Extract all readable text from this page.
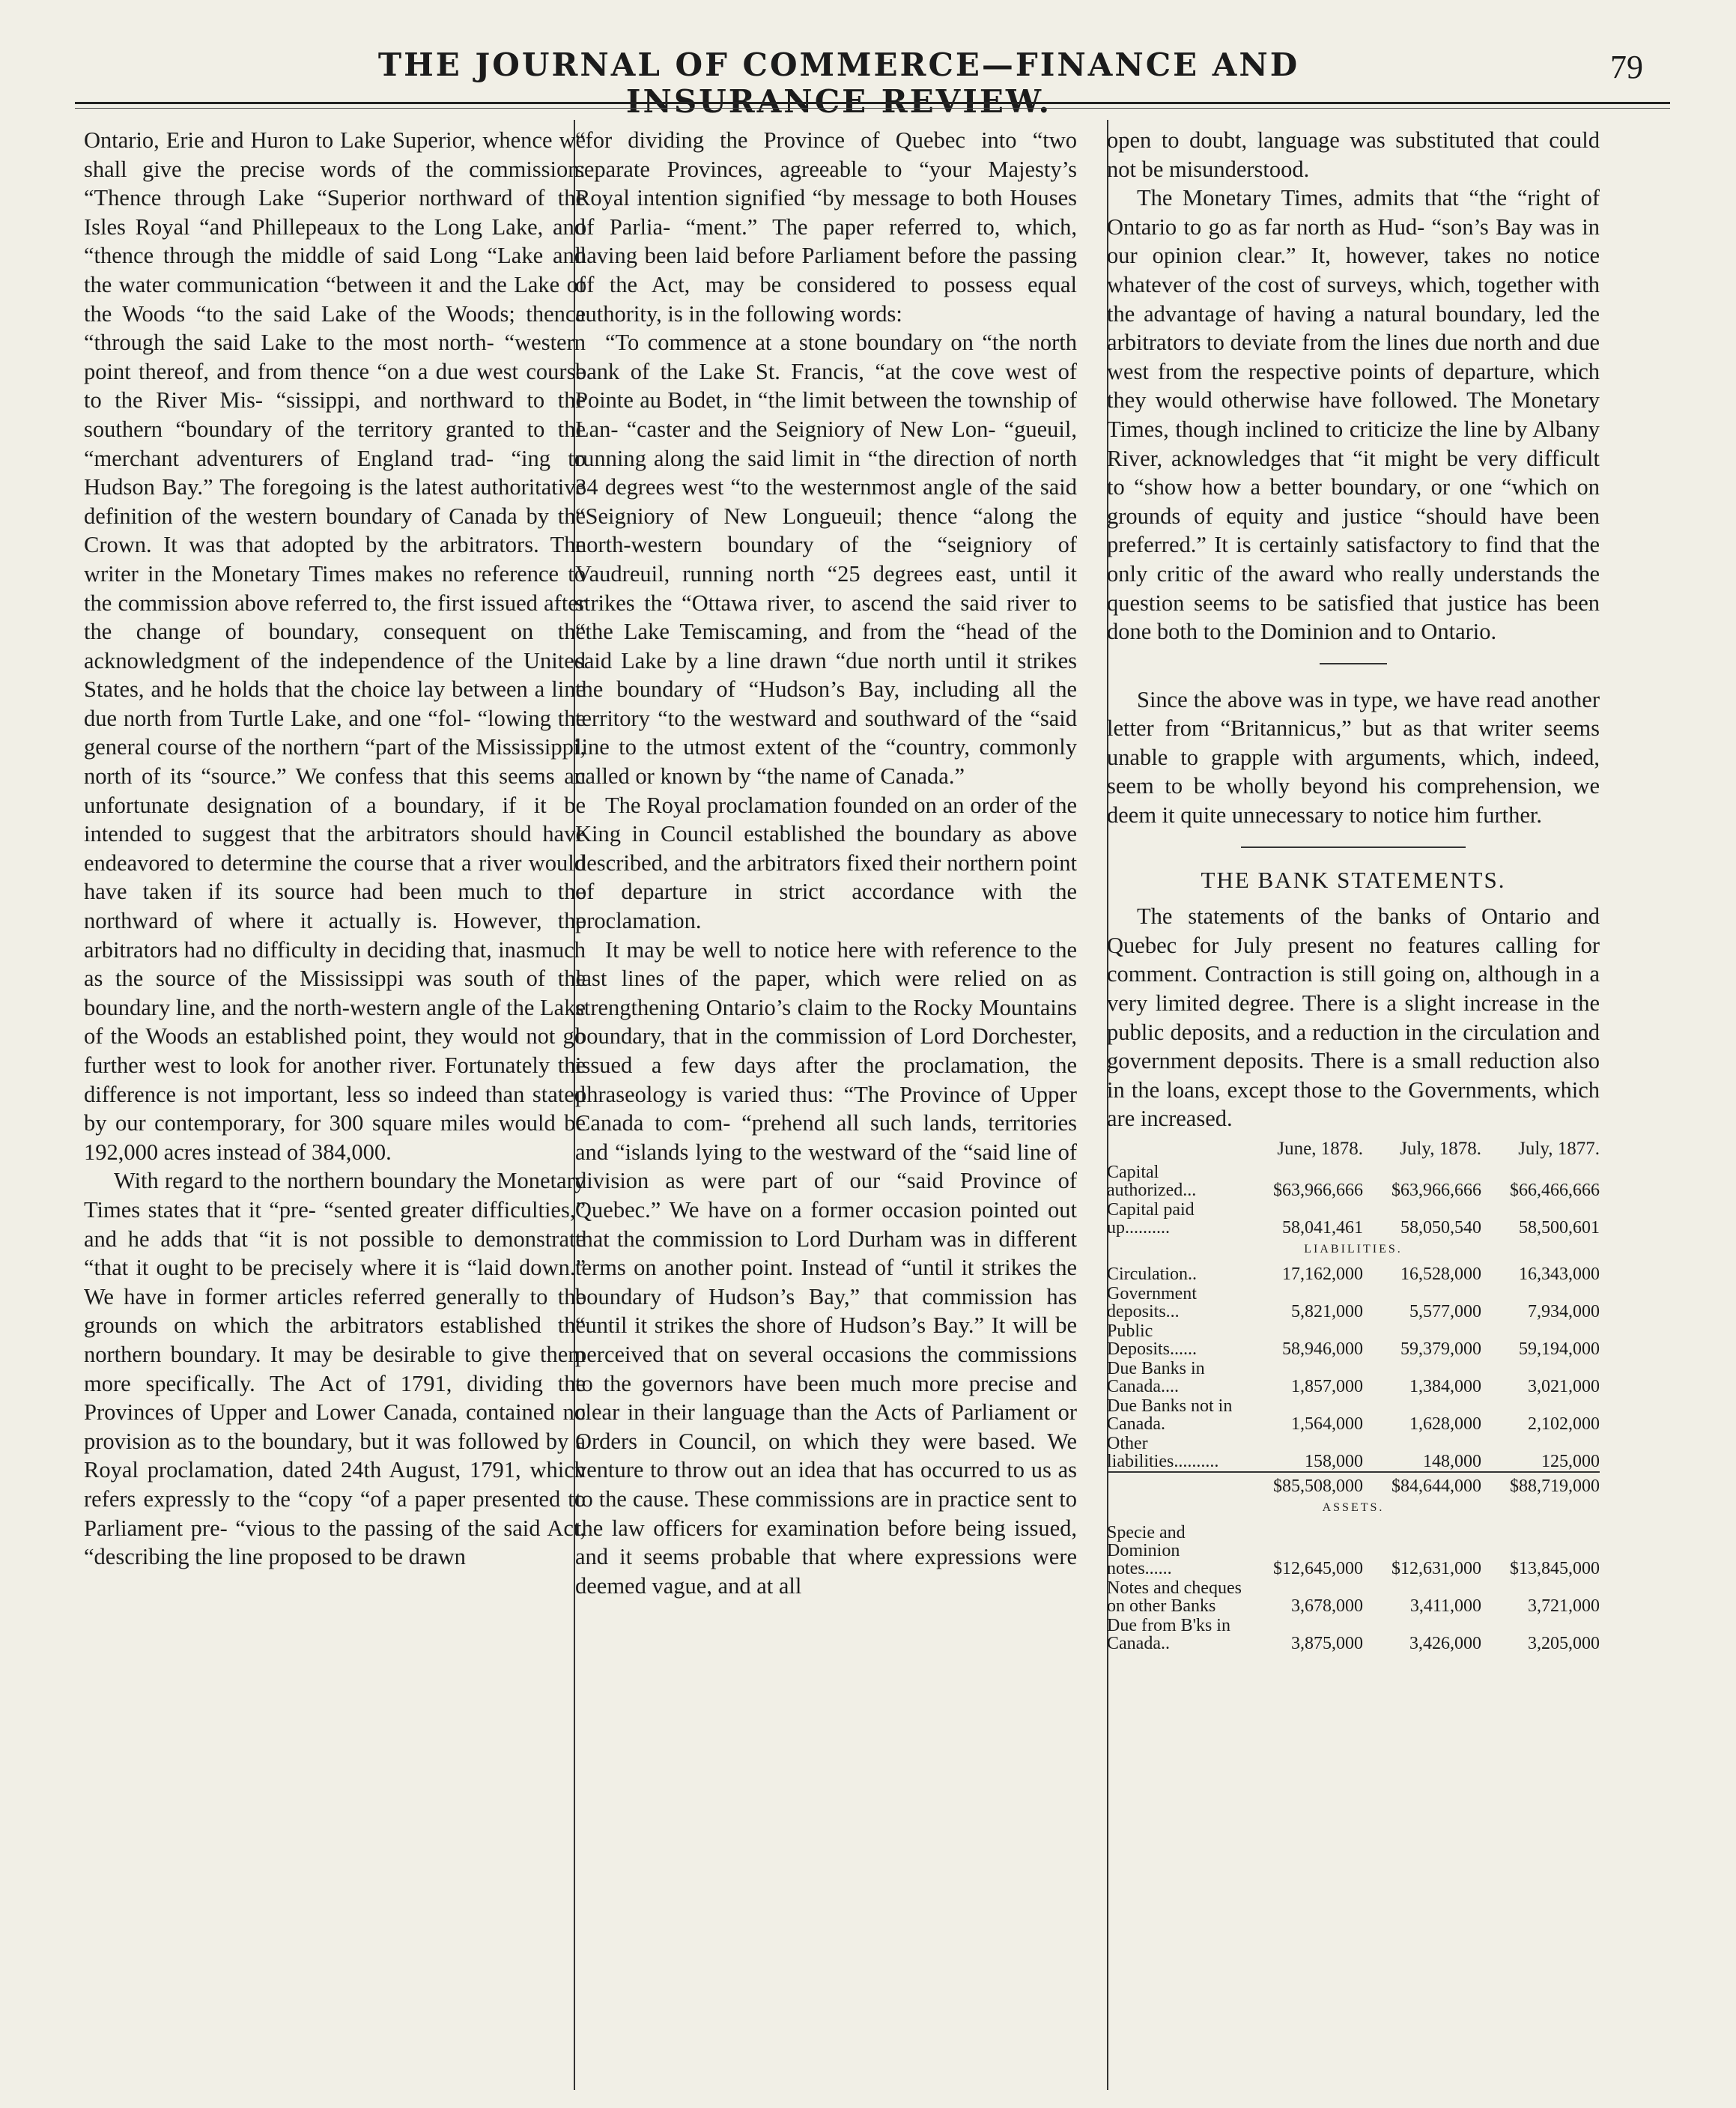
THE JOURNAL OF COMMERCE—FINANCE AND INSURANCE REVIEW.
79

Ontario, Erie and Huron to Lake Superior, whence we shall give the precise words of the commission: “Thence through Lake “Superior northward of the Isles Royal “and Phillepeaux to the Long Lake, and “thence through the middle of said Long “Lake and the water communication “between it and the Lake of the Woods “to the said Lake of the Woods; thence “through the said Lake to the most north- “western point thereof, and from thence “on a due west course to the River Mis- “sissippi, and northward to the southern “boundary of the territory granted to the “merchant adventurers of England trad- “ing to Hudson Bay.” The foregoing is the latest authoritative definition of the western boundary of Canada by the Crown. It was that adopted by the arbitrators. The writer in the Monetary Times makes no reference to the commission above referred to, the first issued after the change of boundary, consequent on the acknowledgment of the independence of the United States, and he holds that the choice lay between a line due north from Turtle Lake, and one “fol- “lowing the general course of the northern “part of the Mississippi, north of its “source.” We confess that this seems an unfortunate designation of a boundary, if it be intended to suggest that the arbitrators should have endeavored to determine the course that a river would have taken if its source had been much to the northward of where it actually is. However, the arbitrators had no difficulty in deciding that, inasmuch as the source of the Mississippi was south of the boundary line, and the north-western angle of the Lake of the Woods an established point, they would not go further west to look for another river. Fortunately the difference is not important, less so indeed than stated by our contemporary, for 300 square miles would be 192,000 acres instead of 384,000.

With regard to the northern boundary the Monetary Times states that it “pre- “sented greater difficulties,” and he adds that “it is not possible to demonstrate “that it ought to be precisely where it is “laid down.” We have in former articles referred generally to the grounds on which the arbitrators established the northern boundary. It may be desirable to give them more specifically. The Act of 1791, dividing the Provinces of Upper and Lower Canada, contained no provision as to the boundary, but it was followed by a Royal proclamation, dated 24th August, 1791, which refers expressly to the “copy “of a paper presented to Parliament pre- “vious to the passing of the said Act, “describing the line proposed to be drawn

“for dividing the Province of Quebec into “two separate Provinces, agreeable to “your Majesty’s Royal intention signified “by message to both Houses of Parlia- “ment.” The paper referred to, which, having been laid before Parliament before the passing of the Act, may be considered to possess equal authority, is in the following words:

“To commence at a stone boundary on “the north bank of the Lake St. Francis, “at the cove west of Pointe au Bodet, in “the limit between the township of Lan- “caster and the Seigniory of New Lon- “gueuil, running along the said limit in “the direction of north 34 degrees west “to the westernmost angle of the said “Seigniory of New Longueuil; thence “along the north-western boundary of the “seigniory of Vaudreuil, running north “25 degrees east, until it strikes the “Ottawa river, to ascend the said river to “the Lake Temiscaming, and from the “head of the said Lake by a line drawn “due north until it strikes the boundary of “Hudson’s Bay, including all the territory “to the westward and southward of the “said line to the utmost extent of the “country, commonly called or known by “the name of Canada.”

The Royal proclamation founded on an order of the King in Council established the boundary as above described, and the arbitrators fixed their northern point of departure in strict accordance with the proclamation.

It may be well to notice here with reference to the last lines of the paper, which were relied on as strengthening Ontario’s claim to the Rocky Mountains boundary, that in the commission of Lord Dorchester, issued a few days after the proclamation, the phraseology is varied thus: “The Province of Upper Canada to com- “prehend all such lands, territories and “islands lying to the westward of the “said line of division as were part of our “said Province of Quebec.” We have on a former occasion pointed out that the commission to Lord Durham was in different terms on another point. Instead of “until it strikes the boundary of Hudson’s Bay,” that commission has “until it strikes the shore of Hudson’s Bay.” It will be perceived that on several occasions the commissions to the governors have been much more precise and clear in their language than the Acts of Parliament or Orders in Council, on which they were based. We venture to throw out an idea that has occurred to us as to the cause. These commissions are in practice sent to the law officers for examination before being issued, and it seems probable that where expressions were deemed vague, and at all

open to doubt, language was substituted that could not be misunderstood.

The Monetary Times, admits that “the “right of Ontario to go as far north as Hud- “son’s Bay was in our opinion clear.” It, however, takes no notice whatever of the cost of surveys, which, together with the advantage of having a natural boundary, led the arbitrators to deviate from the lines due north and due west from the respective points of departure, which they would otherwise have followed. The Monetary Times, though inclined to criticize the line by Albany River, acknowledges that “it might be very difficult to “show how a better boundary, or one “which on grounds of equity and justice “should have been preferred.” It is certainly satisfactory to find that the only critic of the award who really understands the question seems to be satisfied that justice has been done both to the Dominion and to Ontario.

Since the above was in type, we have read another letter from “Britannicus,” but as that writer seems unable to grapple with arguments, which, indeed, seem to be wholly beyond his comprehension, we deem it quite unnecessary to notice him further.

THE BANK STATEMENTS.

The statements of the banks of Ontario and Quebec for July present no features calling for comment. Contraction is still going on, although in a very limited degree. There is a slight increase in the public deposits, and a reduction in the circulation and government deposits. There is a small reduction also in the loans, except those to the Governments, which are increased.

	June, 1878.	July, 1878.	July, 1877.
Capital authorized...	$63,966,666	$63,966,666	$66,466,666
Capital paid up..........	58,041,461	58,050,540	58,500,601
LIABILITIES.			
Circulation..	17,162,000	16,528,000	16,343,000
Government deposits...	5,821,000	5,577,000	7,934,000
Public Deposits......	58,946,000	59,379,000	59,194,000
Due Banks in Canada....	1,857,000	1,384,000	3,021,000
Due Banks not in Canada.	1,564,000	1,628,000	2,102,000
Other liabilities..........	158,000	148,000	125,000
	$85,508,000	$84,644,000	$88,719,000
ASSETS.			
Specie and Dominion notes......	$12,645,000	$12,631,000	$13,845,000
Notes and cheques on other Banks	3,678,000	3,411,000	3,721,000
Due from B'ks in Canada..	3,875,000	3,426,000	3,205,000
